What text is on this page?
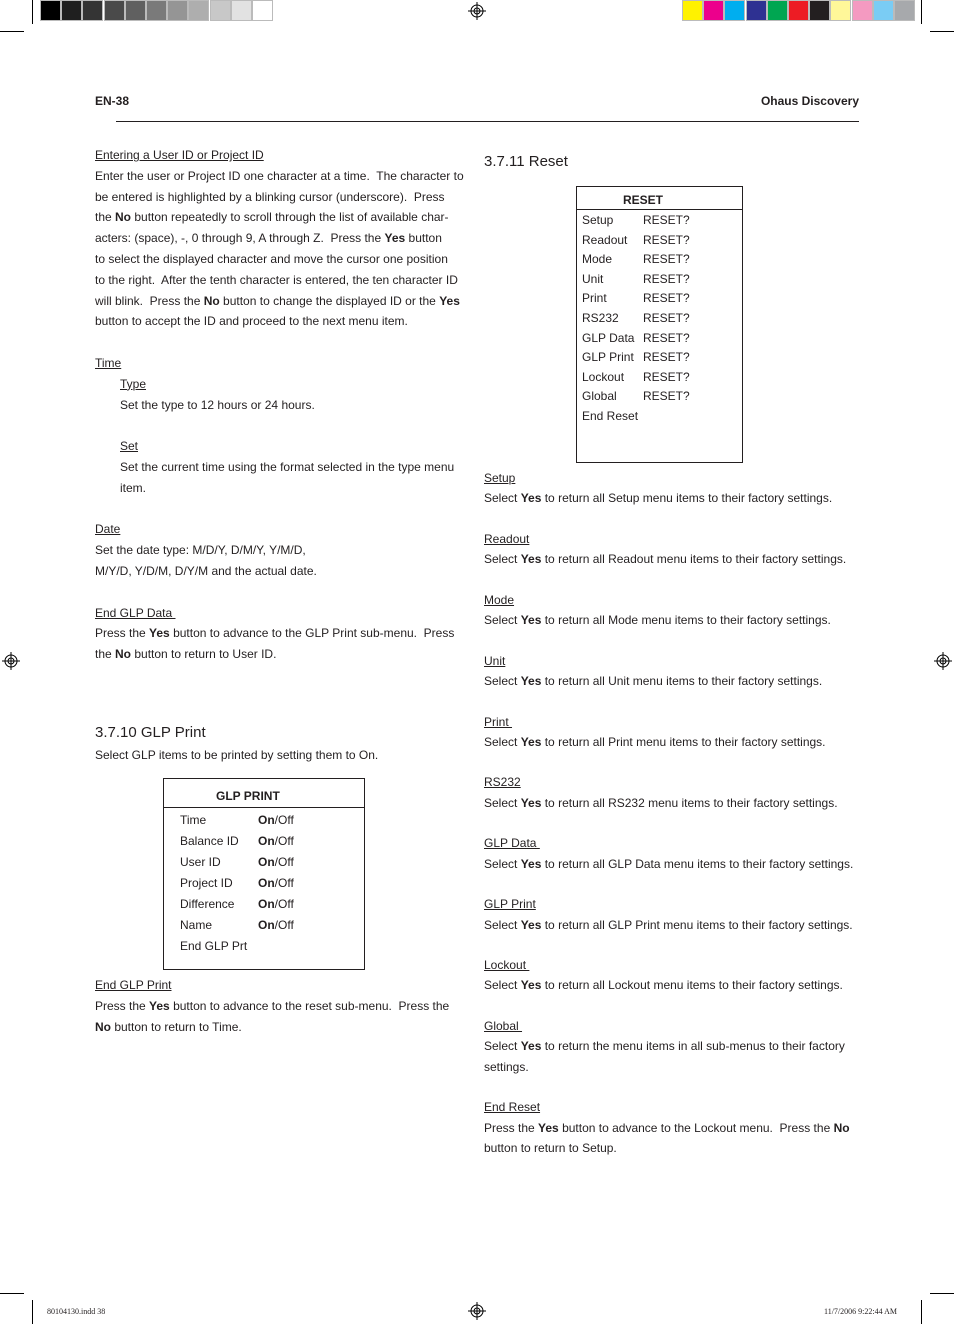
EN-38	Ohaus Discovery

Entering a User ID or Project ID

Enter the user or Project ID one character at a time.  The character to

be entered is highlighted by a blinking cursor (underscore).  Press

the No button repeatedly to scroll through the list of available char-

acters: (space), -, 0 through 9, A through Z.  Press the Yes button

to select the displayed character and move the cursor one position

to the right.  After the tenth character is entered, the ten character ID

will blink.  Press the No button to change the displayed ID or the Yes

button to accept the ID and proceed to the next menu item.

Time

Type

Set the type to 12 hours or 24 hours.

Set

Set the current time using the format selected in the type menu

item.

Date

Set the date type: M/D/Y, D/M/Y, Y/M/D,

M/Y/D, Y/D/M, D/Y/M and the actual date.

End GLP Data

Press the Yes button to advance to the GLP Print sub-menu.  Press

the No button to return to User ID.

3.7.10 GLP Print

Select GLP items to be printed by setting them to On.

GLP PRINT
Time	On/Off
Balance ID	On/Off
User ID	On/Off
Project ID	On/Off
Difference	On/Off
Name	On/Off
End GLP Prt

End GLP Print

Press the Yes button to advance to the reset sub-menu.  Press the

No button to return to Time.

3.7.11 Reset

RESET
Setup	RESET?
Readout	RESET?
Mode	RESET?
Unit	RESET?
Print	RESET?
RS232	RESET?
GLP Data RESET?
GLP Print RESET?
Lockout	RESET?
Global	RESET?
End Reset

Setup

Select Yes to return all Setup menu items to their factory settings.

Readout

Select Yes to return all Readout menu items to their factory settings.

Mode

Select Yes to return all Mode menu items to their factory settings.

Unit

Select Yes to return all Unit menu items to their factory settings.

Print

Select Yes to return all Print menu items to their factory settings.

RS232

Select Yes to return all RS232 menu items to their factory settings.

GLP Data

Select Yes to return all GLP Data menu items to their factory settings.

GLP Print

Select Yes to return all GLP Print menu items to their factory settings.

Lockout

Select Yes to return all Lockout menu items to their factory settings.

Global

Select Yes to return the menu items in all sub-menus to their factory

settings.

End Reset

Press the Yes button to advance to the Lockout menu.  Press the No

button to return to Setup.

80104130.indd 38	11/7/2006 9:22:44 AM
